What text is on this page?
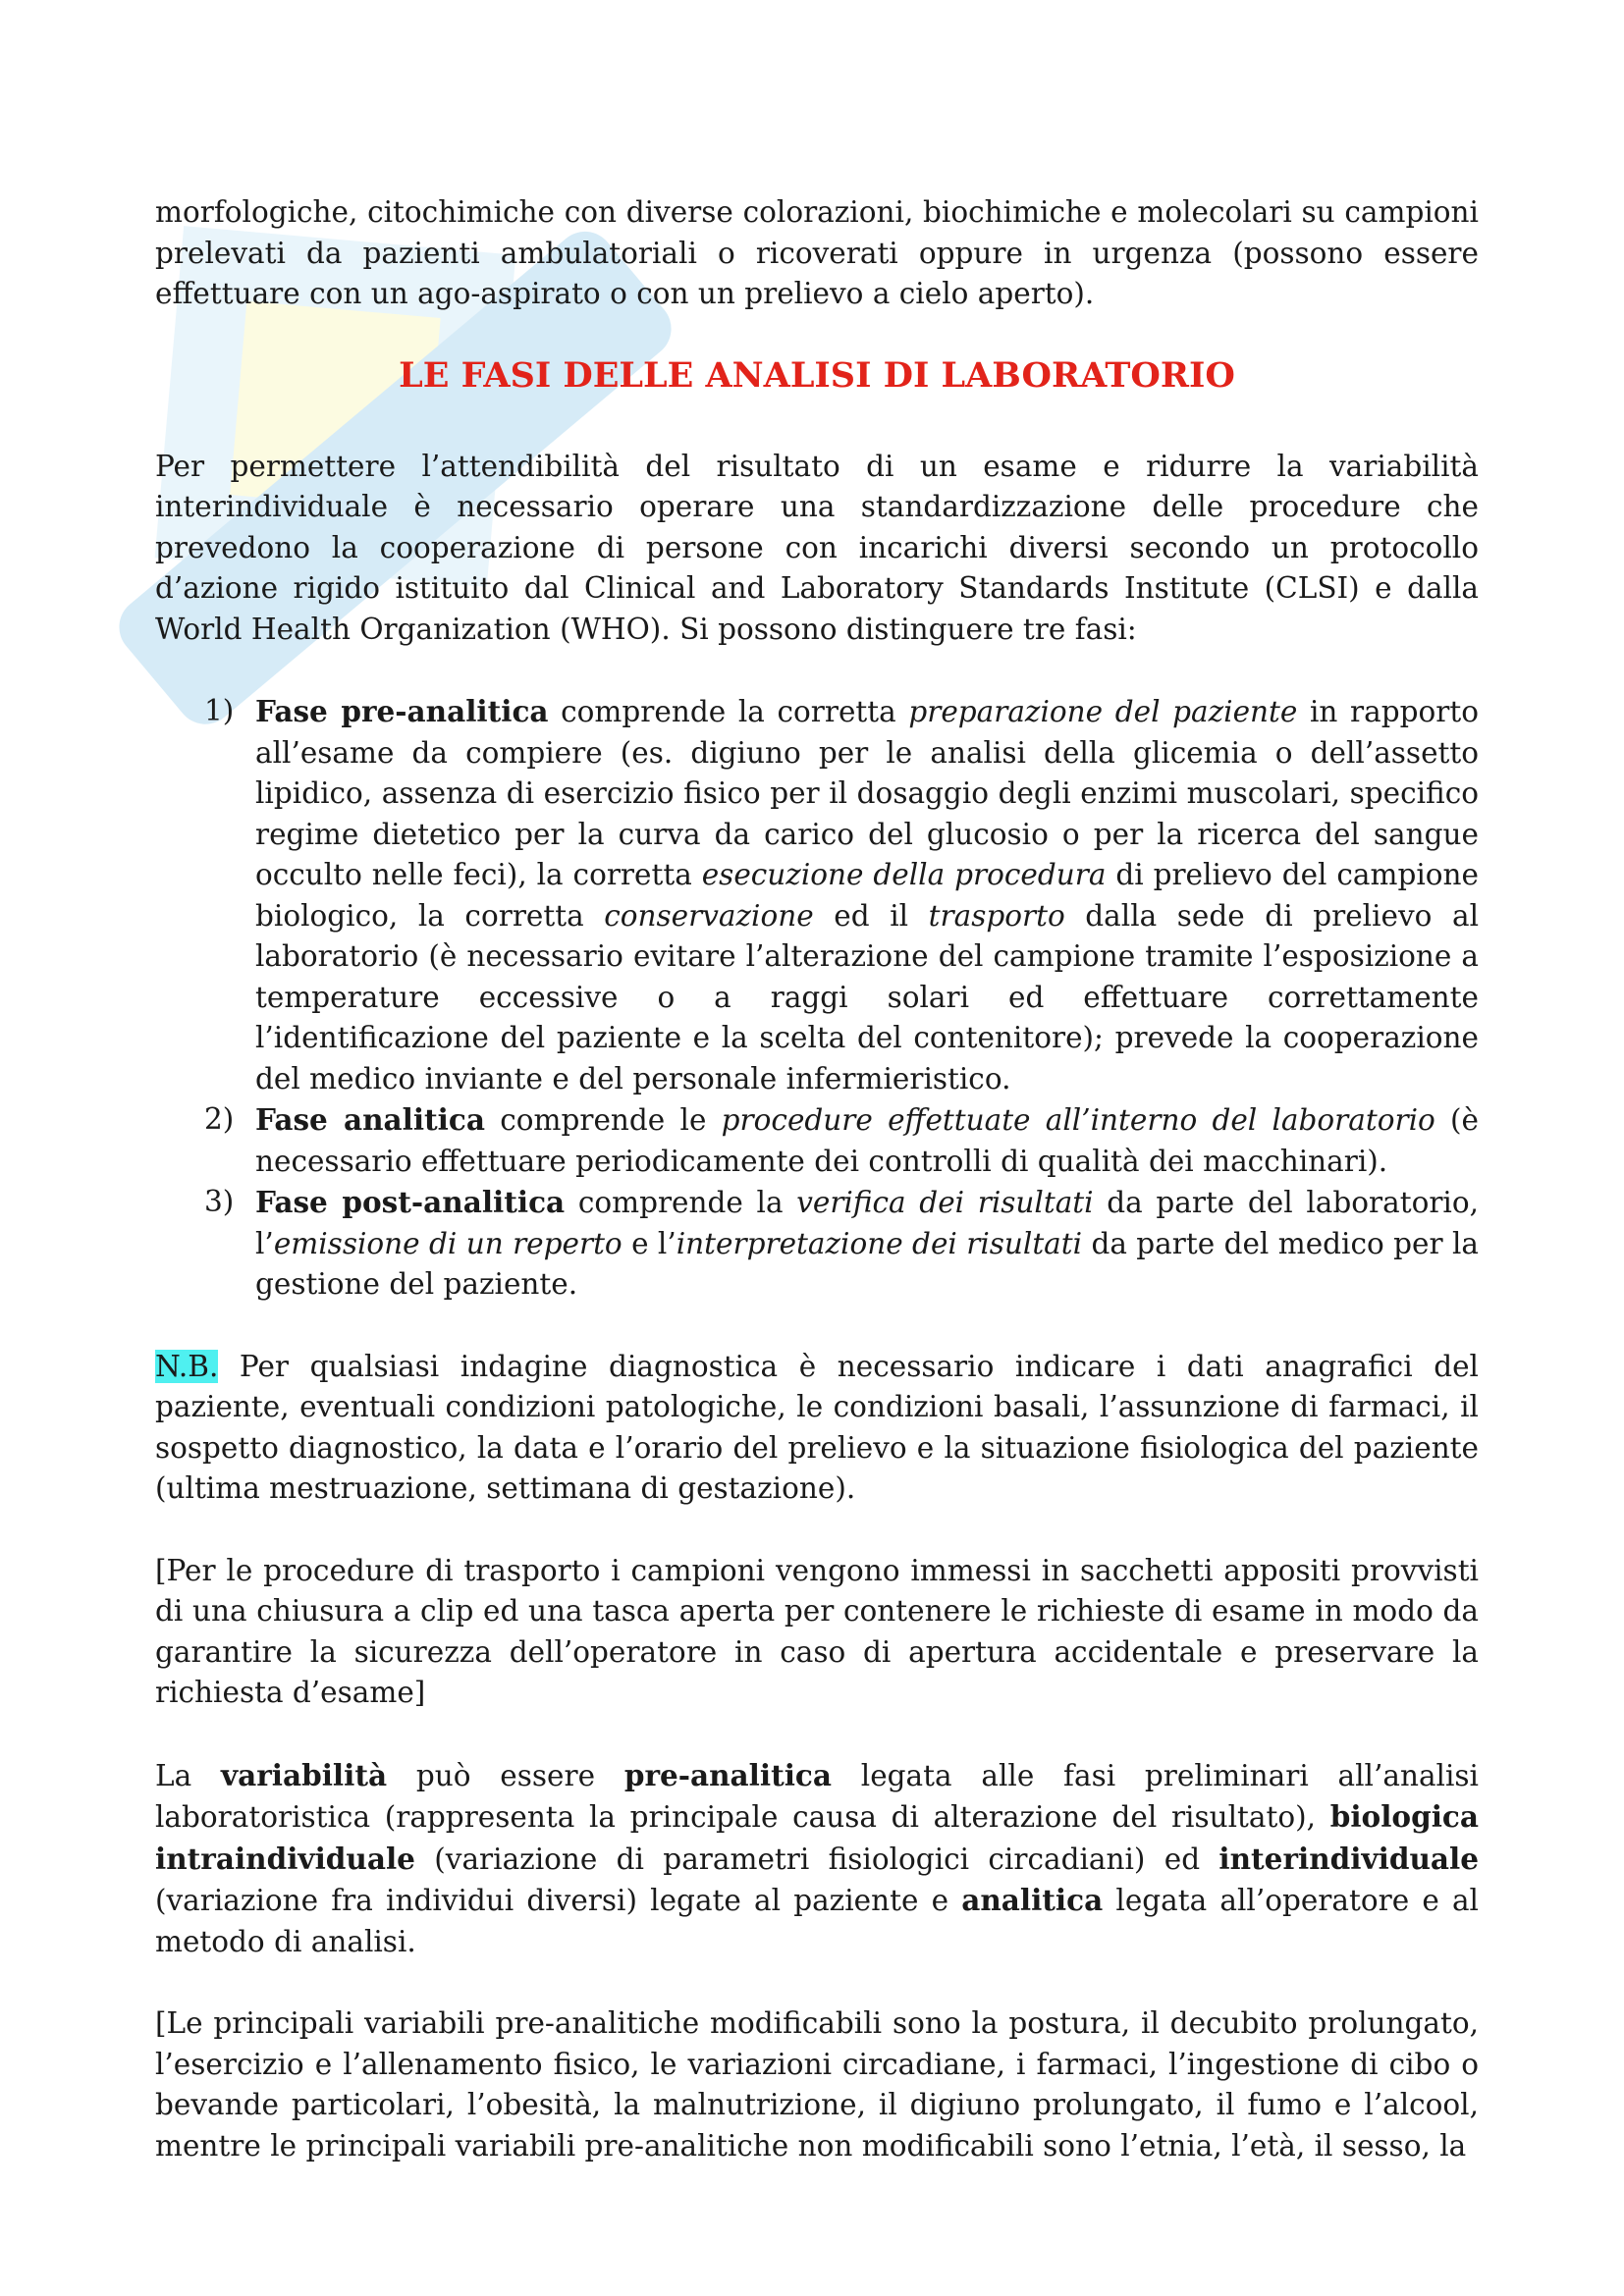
morfologiche, citochimiche con diverse colorazioni, biochimiche e molecolari su campioni prelevati da pazienti ambulatoriali o ricoverati oppure in urgenza (possono essere effettuare con un ago-aspirato o con un prelievo a cielo aperto).

LE FASI DELLE ANALISI DI LABORATORIO

Per permettere l’attendibilità del risultato di un esame e ridurre la variabilità interindividuale è necessario operare una standardizzazione delle procedure che prevedono la cooperazione di persone con incarichi diversi secondo un protocollo d’azione rigido istituito dal Clinical and Laboratory Standards Institute (CLSI) e dalla World Health Organization (WHO). Si possono distinguere tre fasi:

1) Fase pre-analitica comprende la corretta preparazione del paziente in rapporto all’esame da compiere (es. digiuno per le analisi della glicemia o dell’assetto lipidico, assenza di esercizio fisico per il dosaggio degli enzimi muscolari, specifico regime dietetico per la curva da carico del glucosio o per la ricerca del sangue occulto nelle feci), la corretta esecuzione della procedura di prelievo del campione biologico, la corretta conservazione ed il trasporto dalla sede di prelievo al laboratorio (è necessario evitare l’alterazione del campione tramite l’esposizione a temperature eccessive o a raggi solari ed effettuare correttamente l’identificazione del paziente e la scelta del contenitore); prevede la cooperazione del medico inviante e del personale infermieristico.
2) Fase analitica comprende le procedure effettuate all’interno del laboratorio (è necessario effettuare periodicamente dei controlli di qualità dei macchinari).
3) Fase post-analitica comprende la verifica dei risultati da parte del laboratorio, l’emissione di un reperto e l’interpretazione dei risultati da parte del medico per la gestione del paziente.

N.B. Per qualsiasi indagine diagnostica è necessario indicare i dati anagrafici del paziente, eventuali condizioni patologiche, le condizioni basali, l’assunzione di farmaci, il sospetto diagnostico, la data e l’orario del prelievo e la situazione fisiologica del paziente (ultima mestruazione, settimana di gestazione).

[Per le procedure di trasporto i campioni vengono immessi in sacchetti appositi provvisti di una chiusura a clip ed una tasca aperta per contenere le richieste di esame in modo da garantire la sicurezza dell’operatore in caso di apertura accidentale e preservare la richiesta d’esame]

La variabilità può essere pre-analitica legata alle fasi preliminari all’analisi laboratoristica (rappresenta la principale causa di alterazione del risultato), biologica intraindividuale (variazione di parametri fisiologici circadiani) ed interindividuale (variazione fra individui diversi) legate al paziente e analitica legata all’operatore e al metodo di analisi.

[Le principali variabili pre-analitiche modificabili sono la postura, il decubito prolungato, l’esercizio e l’allenamento fisico, le variazioni circadiane, i farmaci, l’ingestione di cibo o bevande particolari, l’obesità, la malnutrizione, il digiuno prolungato, il fumo e l’alcool, mentre le principali variabili pre-analitiche non modificabili sono l’etnia, l’età, il sesso, la
